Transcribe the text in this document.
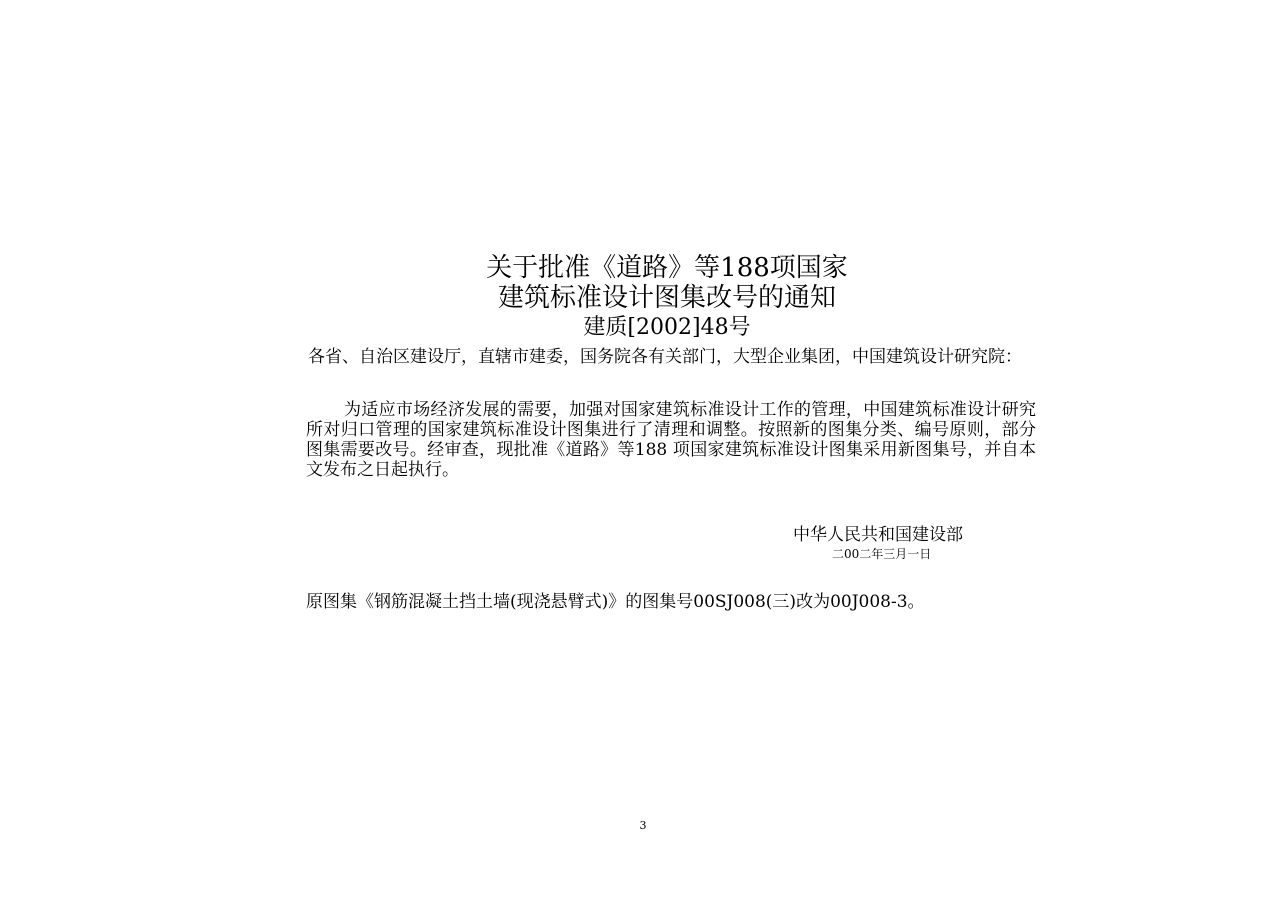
关于批准《道路》等188项国家
建筑标准设计图集改号的通知
建质[2002]48号
各省、自治区建设厅，直辖市建委，国务院各有关部门，大型企业集团，中国建筑设计研究院：
为适应市场经济发展的需要，加强对国家建筑标准设计工作的管理，中国建筑标准设计研究所对归口管理的国家建筑标准设计图集进行了清理和调整。按照新的图集分类、编号原则，部分图集需要改号。经审查，现批准《道路》等188 项国家建筑标准设计图集采用新图集号，并自本文发布之日起执行。
中华人民共和国建设部
二00二年三月一日
原图集《钢筋混凝土挡土墙(现浇悬臂式)》的图集号00SJ008(三)改为00J008-3。
3
